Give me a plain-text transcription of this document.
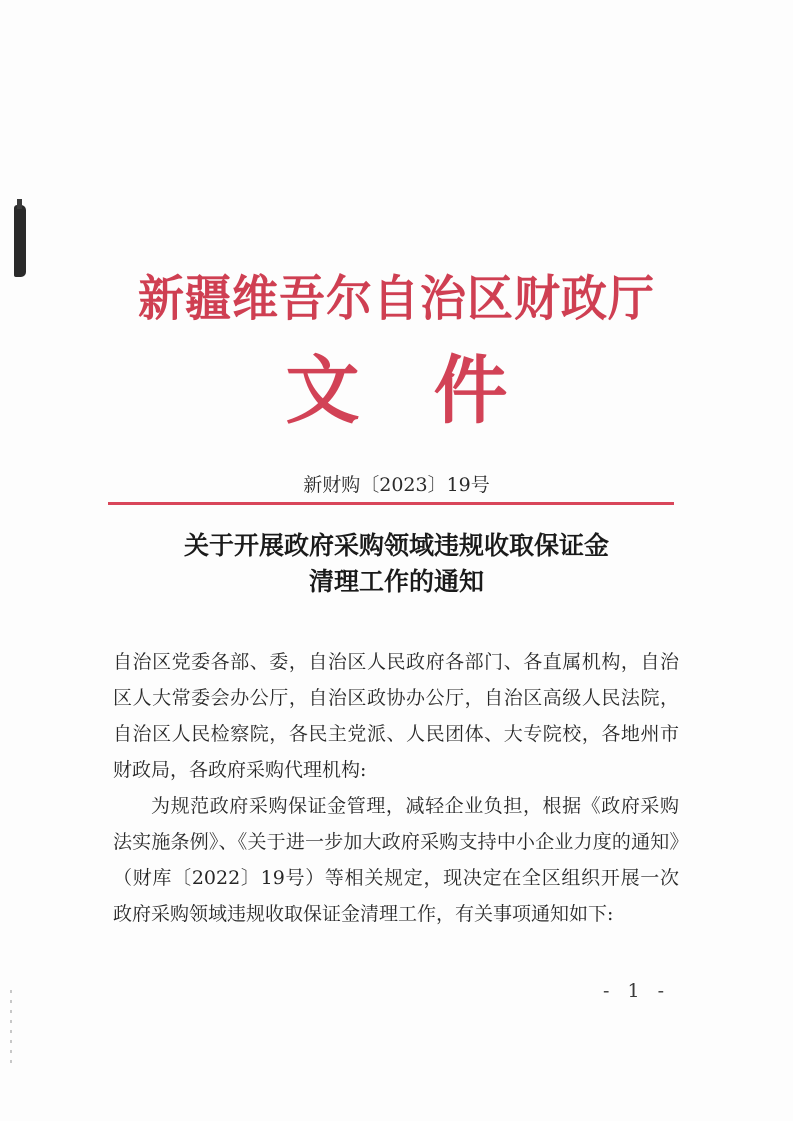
新疆维吾尔自治区财政厅
文件
新财购〔2023〕19号
关于开展政府采购领域违规收取保证金
清理工作的通知

自治区党委各部、委，自治区人民政府各部门、各直属机构，自治区人大常委会办公厅，自治区政协办公厅，自治区高级人民法院，自治区人民检察院，各民主党派、人民团体、大专院校，各地州市财政局，各政府采购代理机构:

为规范政府采购保证金管理，减轻企业负担，根据《政府采购法实施条例》、《关于进一步加大政府采购支持中小企业力度的通知》（财库〔2022〕19号）等相关规定，现决定在全区组织开展一次政府采购领域违规收取保证金清理工作，有关事项通知如下:

- 1 -
